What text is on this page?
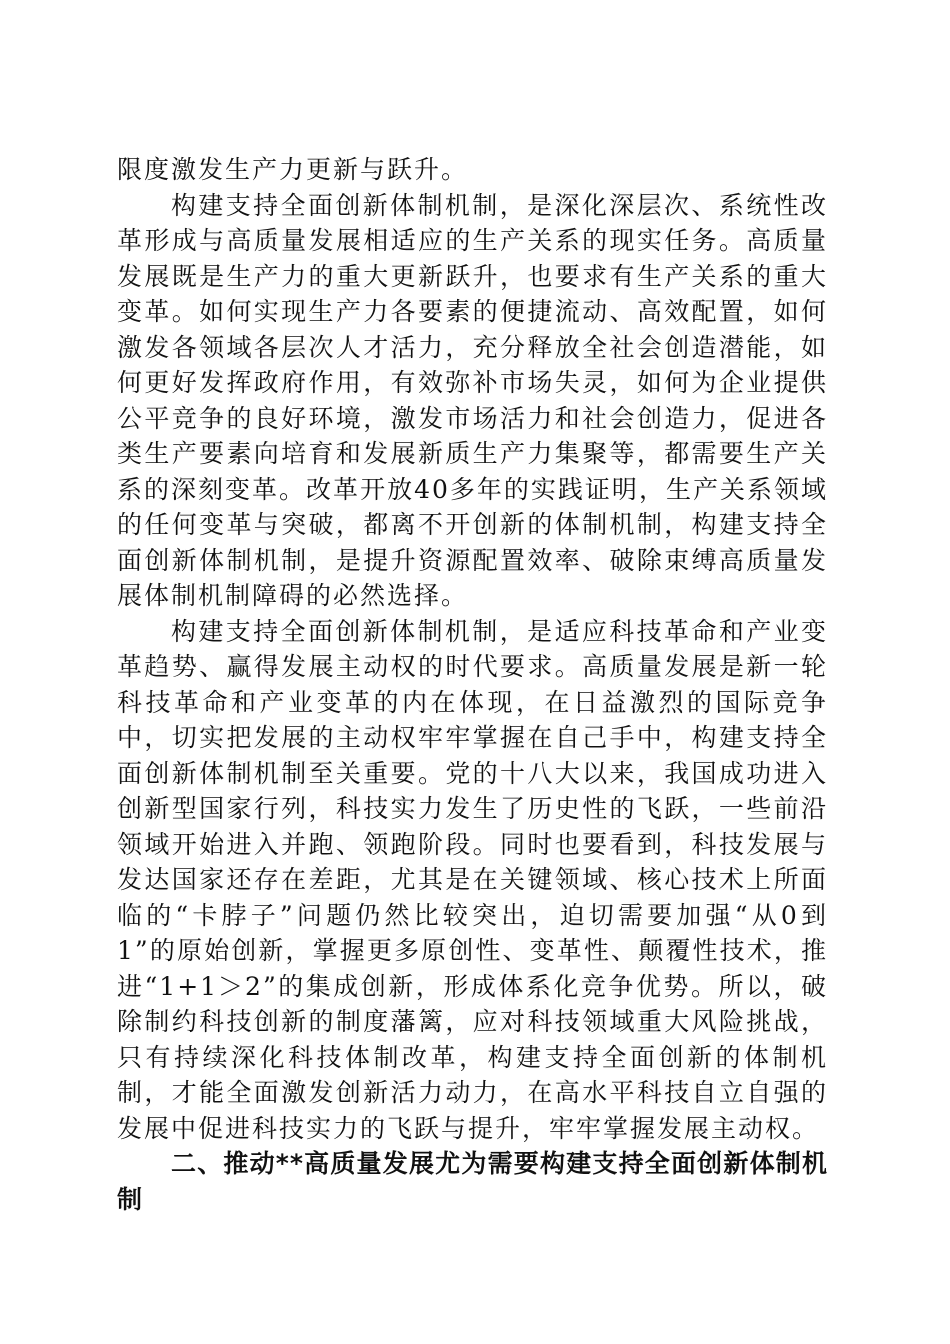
限度激发生产力更新与跃升。

构建支持全面创新体制机制，是深化深层次、系统性改革形成与高质量发展相适应的生产关系的现实任务。高质量发展既是生产力的重大更新跃升，也要求有生产关系的重大变革。如何实现生产力各要素的便捷流动、高效配置，如何激发各领域各层次人才活力，充分释放全社会创造潜能，如何更好发挥政府作用，有效弥补市场失灵，如何为企业提供公平竞争的良好环境，激发市场活力和社会创造力，促进各类生产要素向培育和发展新质生产力集聚等，都需要生产关系的深刻变革。改革开放40多年的实践证明，生产关系领域的任何变革与突破，都离不开创新的体制机制，构建支持全面创新体制机制，是提升资源配置效率、破除束缚高质量发展体制机制障碍的必然选择。

构建支持全面创新体制机制，是适应科技革命和产业变革趋势、赢得发展主动权的时代要求。高质量发展是新一轮科技革命和产业变革的内在体现，在日益激烈的国际竞争中，切实把发展的主动权牢牢掌握在自己手中，构建支持全面创新体制机制至关重要。党的十八大以来，我国成功进入创新型国家行列，科技实力发生了历史性的飞跃，一些前沿领域开始进入并跑、领跑阶段。同时也要看到，科技发展与发达国家还存在差距，尤其是在关键领域、核心技术上所面临的“卡脖子”问题仍然比较突出，迫切需要加强“从0到1”的原始创新，掌握更多原创性、变革性、颠覆性技术，推进“1+1＞2”的集成创新，形成体系化竞争优势。所以，破除制约科技创新的制度藩篱，应对科技领域重大风险挑战，只有持续深化科技体制改革，构建支持全面创新的体制机制，才能全面激发创新活力动力，在高水平科技自立自强的发展中促进科技实力的飞跃与提升，牢牢掌握发展主动权。

二、推动**高质量发展尤为需要构建支持全面创新体制机制
